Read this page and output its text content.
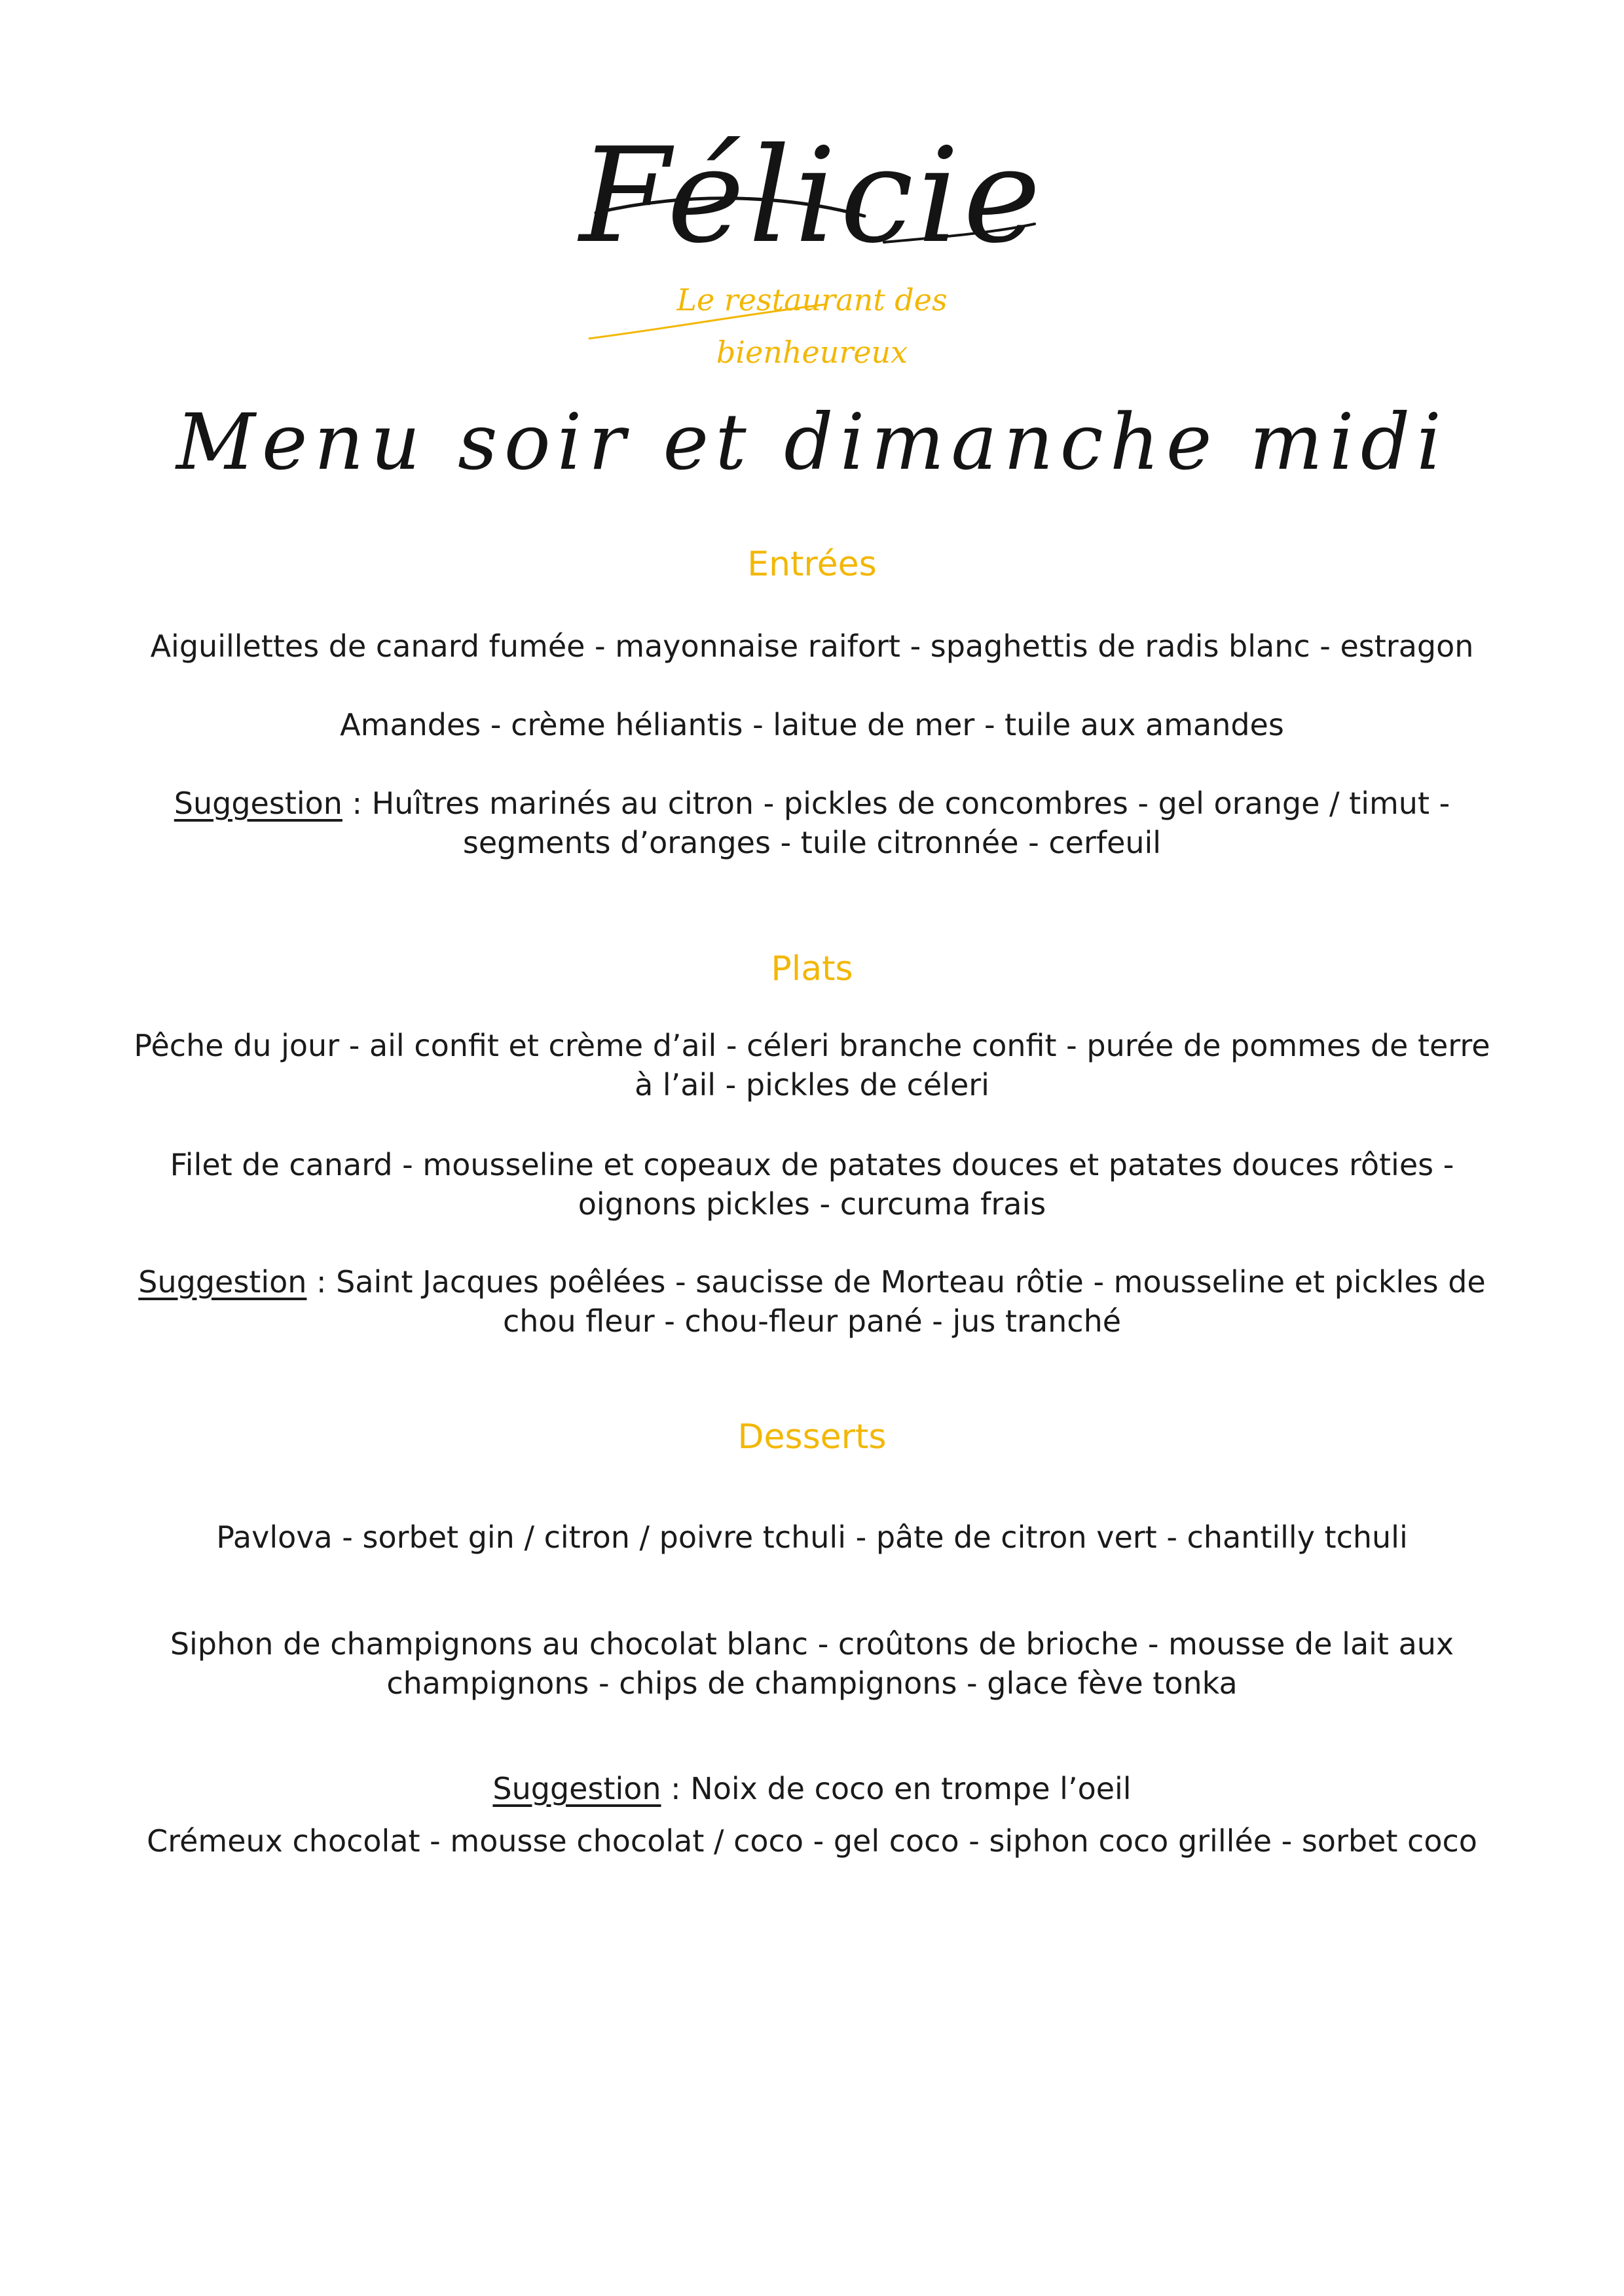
Félicie
Le restaurant des bienheureux
Menu soir et dimanche midi
Entrées
Aiguillettes de canard fumée - mayonnaise raifort - spaghettis de radis blanc - estragon
Amandes - crème héliantis - laitue de mer - tuile aux amandes
Suggestion : Huîtres marinés au citron - pickles de concombres - gel orange / timut -
segments d’oranges - tuile citronnée - cerfeuil
Plats
Pêche du jour - ail confit et crème d’ail - céleri branche confit - purée de pommes de terre
à l’ail - pickles de céleri
Filet de canard - mousseline et copeaux de patates douces et patates douces rôties -
oignons pickles - curcuma frais
Suggestion : Saint Jacques poêlées - saucisse de Morteau rôtie - mousseline et pickles de
chou fleur - chou-fleur pané - jus tranché
Desserts
Pavlova - sorbet gin / citron / poivre tchuli - pâte de citron vert - chantilly tchuli
Siphon de champignons au chocolat blanc - croûtons de brioche - mousse de lait aux
champignons - chips de champignons - glace fève tonka
Suggestion : Noix de coco en trompe l’oeil
Crémeux chocolat - mousse chocolat / coco - gel coco - siphon coco grillée - sorbet coco
